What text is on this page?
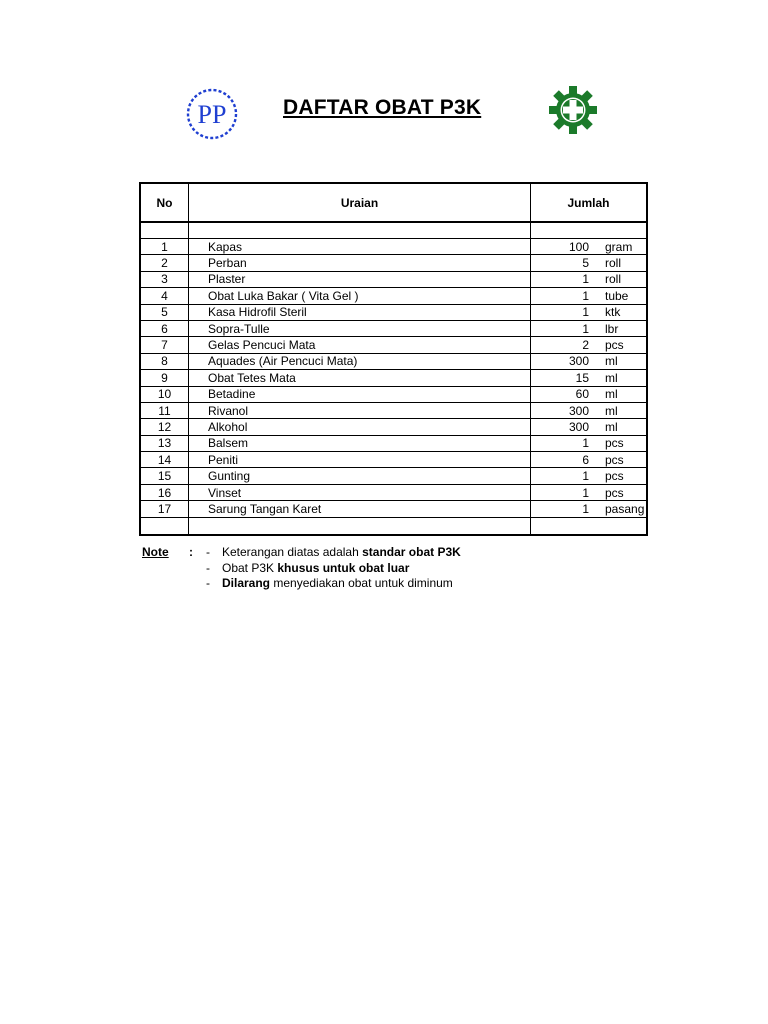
PP	DAFTAR OBAT P3K
No	Uraian	Jumlah

1	Kapas	100 gram
2	Perban	5 roll
3	Plaster	1 roll
4	Obat Luka Bakar ( Vita Gel )	1 tube
5	Kasa Hidrofil Steril	1 ktk
6	Sopra-Tulle	1 lbr
7	Gelas Pencuci Mata	2 pcs
8	Aquades (Air Pencuci Mata)	300 ml
9	Obat Tetes Mata	15 ml
10	Betadine	60 ml
11	Rivanol	300 ml
12	Alkohol	300 ml
13	Balsem	1 pcs
14	Peniti	6 pcs
15	Gunting	1 pcs
16	Vinset	1 pcs
17	Sarung Tangan Karet	1 pasang

Note : -	Keterangan diatas adalah
standar obat P3K
-	Obat P3K
khusus untuk obat luar
-	Dilarang
menyediakan obat untuk diminum
